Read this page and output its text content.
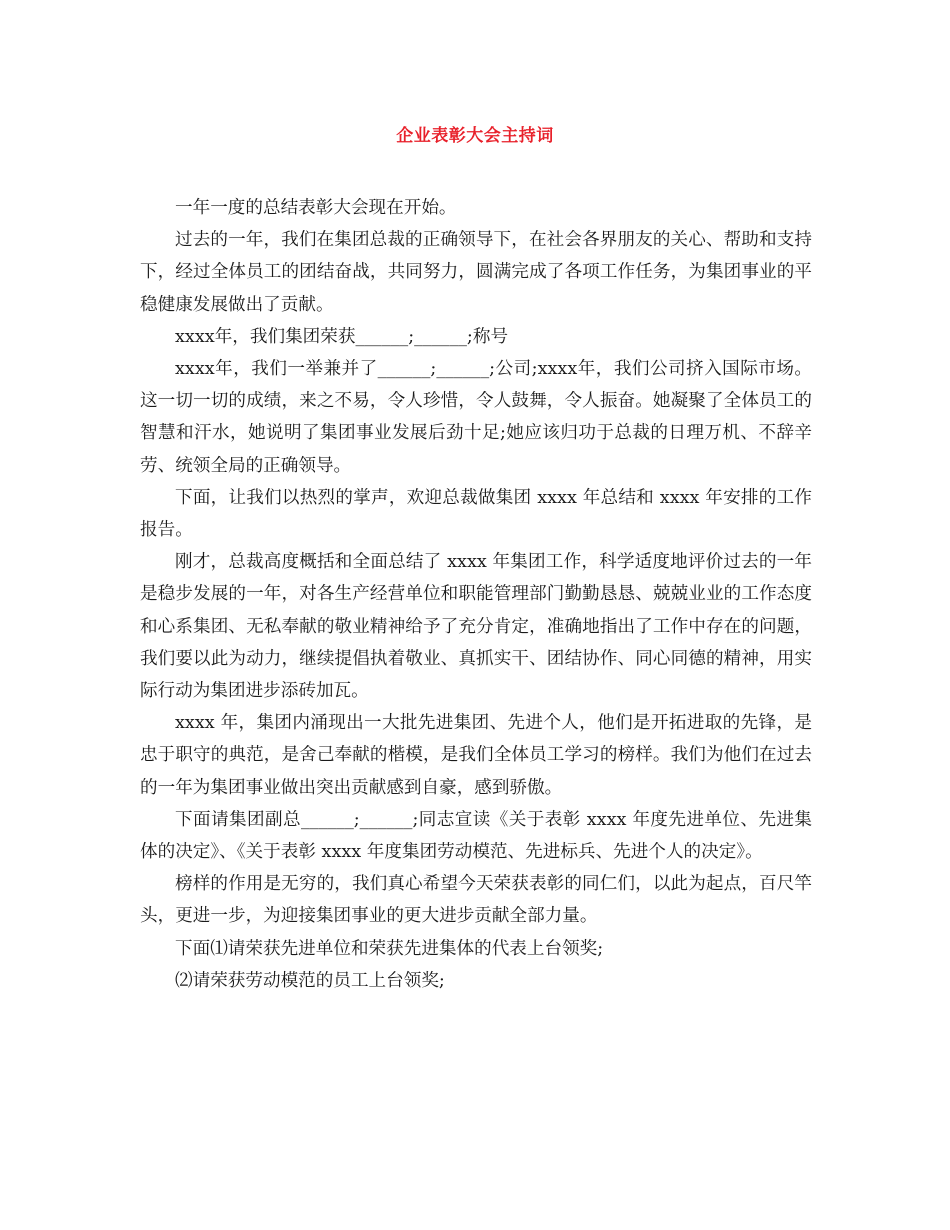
企业表彰大会主持词

一年一度的总结表彰大会现在开始。

过去的一年，我们在集团总裁的正确领导下，在社会各界朋友的关心、帮助和支持下，经过全体员工的团结奋战，共同努力，圆满完成了各项工作任务，为集团事业的平稳健康发展做出了贡献。

xxxx年，我们集团荣获______;______;称号

xxxx年，我们一举兼并了______;______;公司;xxxx年，我们公司挤入国际市场。这一切一切的成绩，来之不易，令人珍惜，令人鼓舞，令人振奋。她凝聚了全体员工的智慧和汗水，她说明了集团事业发展后劲十足;她应该归功于总裁的日理万机、不辞辛劳、统领全局的正确领导。

下面，让我们以热烈的掌声，欢迎总裁做集团 xxxx 年总结和 xxxx 年安排的工作报告。

刚才，总裁高度概括和全面总结了 xxxx 年集团工作，科学适度地评价过去的一年是稳步发展的一年，对各生产经营单位和职能管理部门勤勤恳恳、兢兢业业的工作态度和心系集团、无私奉献的敬业精神给予了充分肯定，准确地指出了工作中存在的问题，我们要以此为动力，继续提倡执着敬业、真抓实干、团结协作、同心同德的精神，用实际行动为集团进步添砖加瓦。

xxxx 年，集团内涌现出一大批先进集团、先进个人，他们是开拓进取的先锋，是忠于职守的典范，是舍己奉献的楷模，是我们全体员工学习的榜样。我们为他们在过去的一年为集团事业做出突出贡献感到自豪，感到骄傲。

下面请集团副总______;______;同志宣读《关于表彰 xxxx 年度先进单位、先进集体的决定》、《关于表彰 xxxx 年度集团劳动模范、先进标兵、先进个人的决定》。

榜样的作用是无穷的，我们真心希望今天荣获表彰的同仁们，以此为起点，百尺竿头，更进一步，为迎接集团事业的更大进步贡献全部力量。

下面⑴请荣获先进单位和荣获先进集体的代表上台领奖;

⑵请荣获劳动模范的员工上台领奖;
